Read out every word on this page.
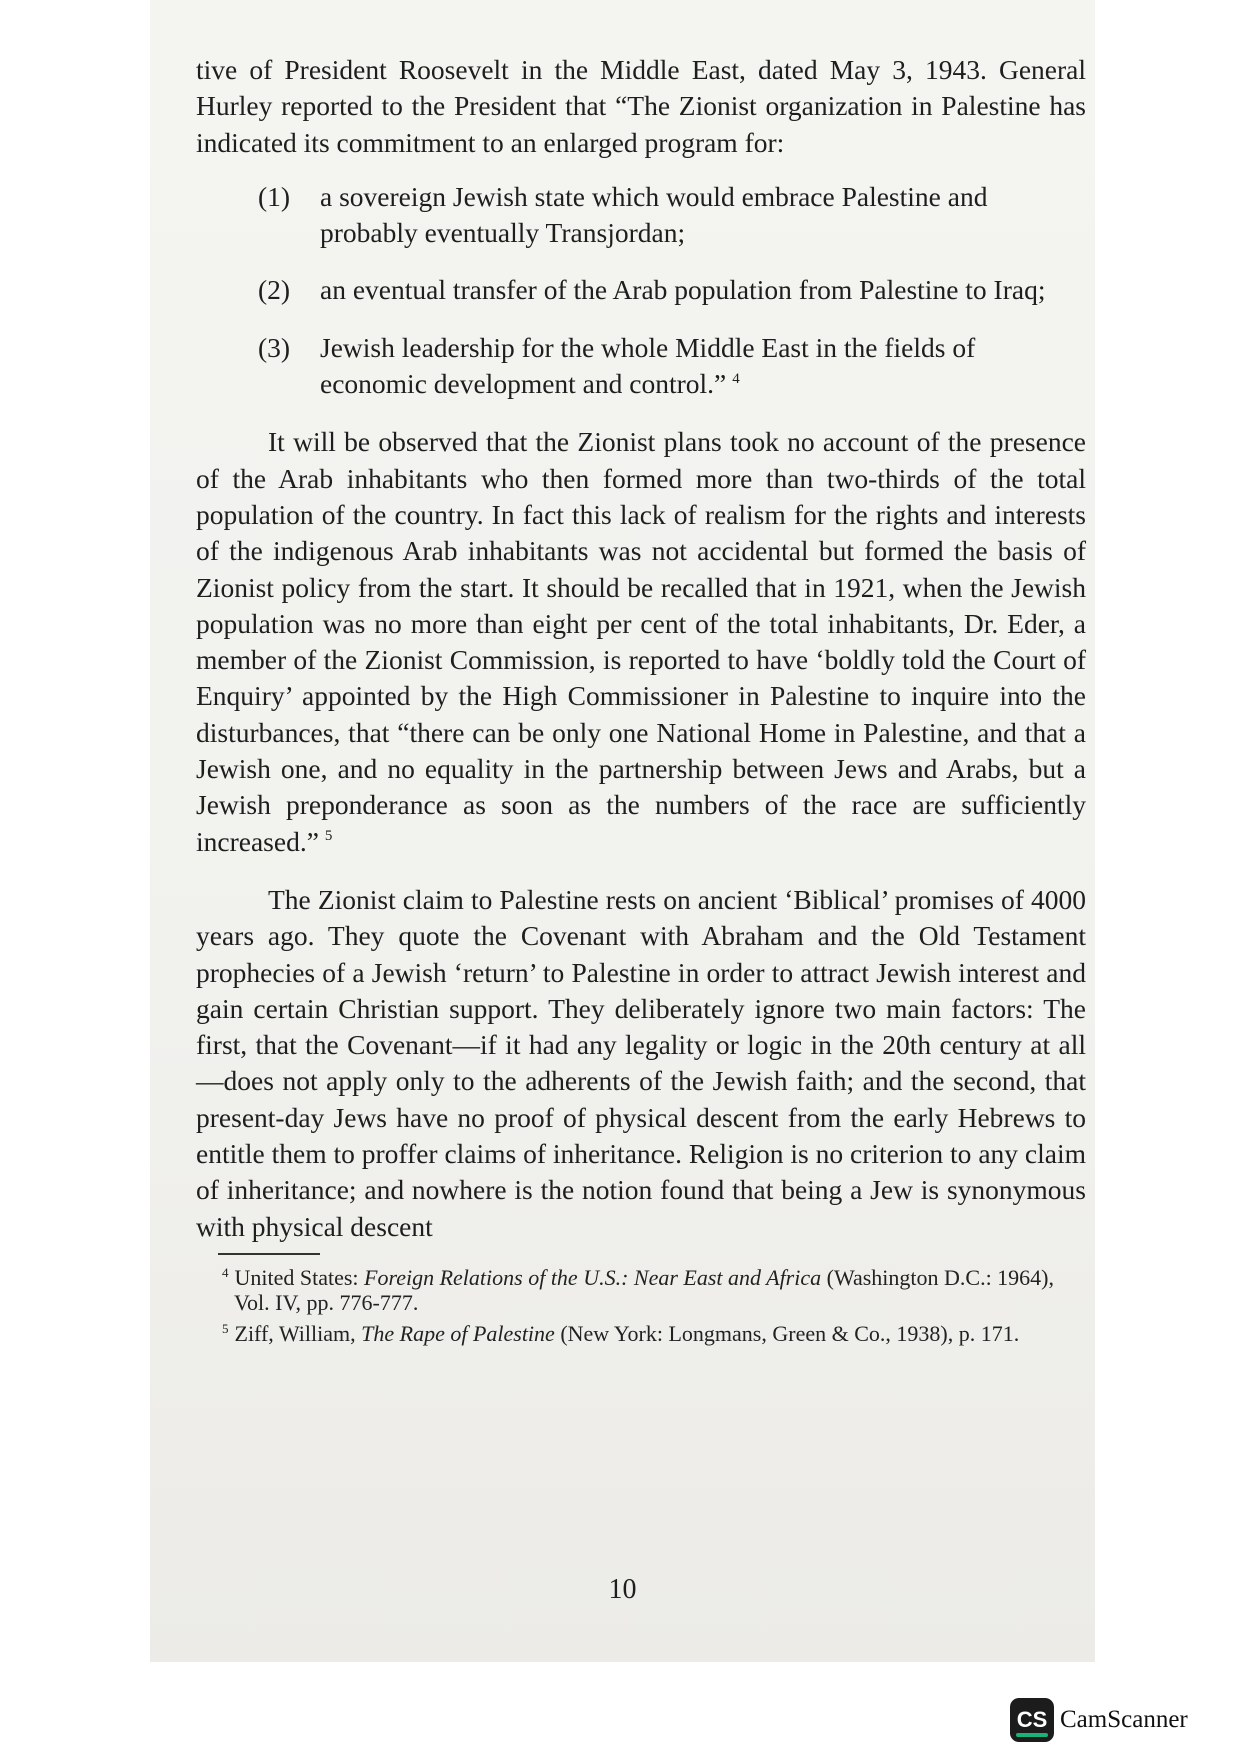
tive of President Roosevelt in the Middle East, dated May 3, 1943. General Hurley reported to the President that “The Zionist organization in Palestine has indicated its commitment to an enlarged program for:

(1)	a sovereign Jewish state which would embrace Palestine and probably eventually Transjordan;
(2)	an eventual transfer of the Arab population from Palestine to Iraq;
(3)	Jewish leadership for the whole Middle East in the fields of economic development and control.” $^4$

It will be observed that the Zionist plans took no account of the presence of the Arab inhabitants who then formed more than two-thirds of the total population of the country. In fact this lack of realism for the rights and interests of the indigenous Arab inhabitants was not accidental but formed the basis of Zionist policy from the start. It should be recalled that in 1921, when the Jewish population was no more than eight per cent of the total inhabitants, Dr. Eder, a member of the Zionist Commission, is reported to have ‘boldly told the Court of Enquiry’ appointed by the High Commissioner in Palestine to inquire into the disturbances, that “there can be only one National Home in Palestine, and that a Jewish one, and no equality in the partnership between Jews and Arabs, but a Jewish preponderance as soon as the numbers of the race are sufficiently increased.” $^5$

The Zionist claim to Palestine rests on ancient ‘Biblical’ promises of 4000 years ago. They quote the Covenant with Abraham and the Old Testament prophecies of a Jewish ‘return’ to Palestine in order to attract Jewish interest and gain certain Christian support. They deliberately ignore two main factors: The first, that the Covenant—if it had any legality or logic in the 20th century at all—does not apply only to the adherents of the Jewish faith; and the second, that present-day Jews have no proof of physical descent from the early Hebrews to entitle them to proffer claims of inheritance. Religion is no criterion to any claim of inheritance; and nowhere is the notion found that being a Jew is synonymous with physical descent

$^4$ United States: Foreign Relations of the U.S.: Near East and Africa (Washington D.C.: 1964), Vol. IV, pp. 776-777.

$^5$ Ziff, William, The Rape of Palestine (New York: Longmans, Green & Co., 1938), p. 171.

10
CS CamScanner
